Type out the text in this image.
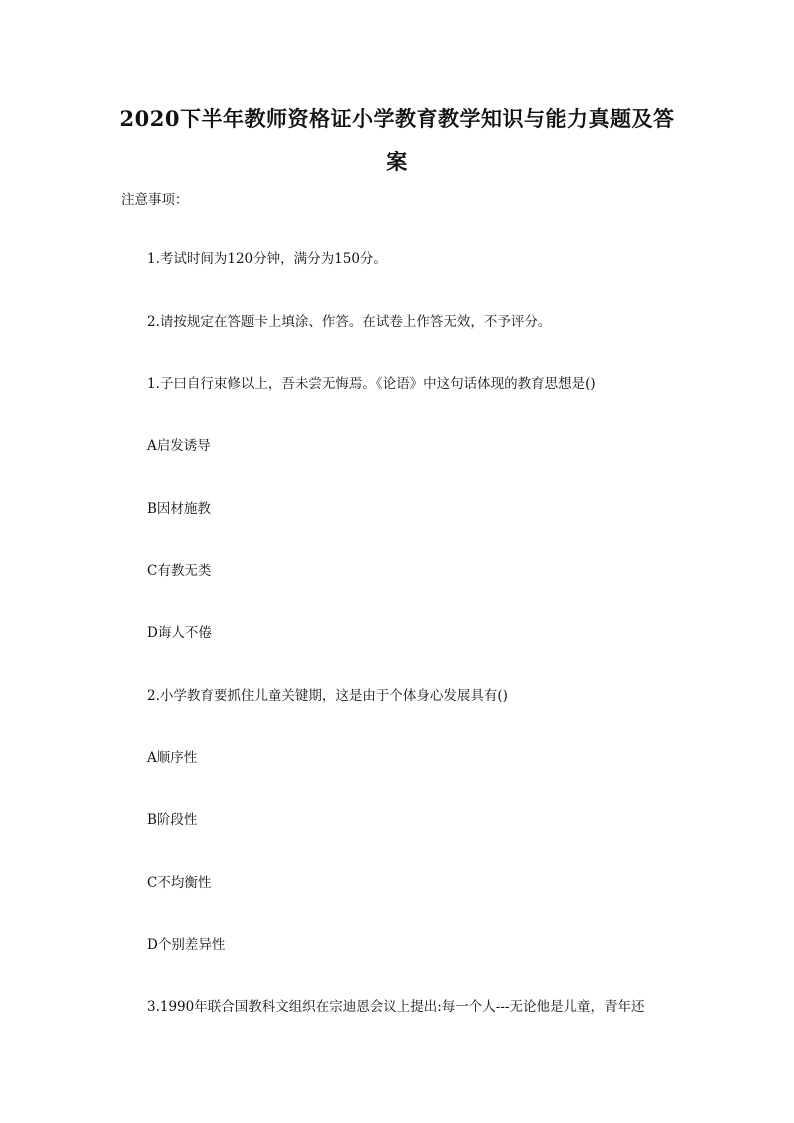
2020下半年教师资格证小学教育教学知识与能力真题及答
案
注意事项：
1.考试时间为120分钟，满分为150分。
2.请按规定在答题卡上填涂、作答。在试卷上作答无效，不予评分。
1.子曰自行束修以上，吾未尝无悔焉。《论语》中这句话体现的教育思想是()
A启发诱导
B因材施教
C有教无类
D诲人不倦
2.小学教育要抓住儿童关键期，这是由于个体身心发展具有()
A顺序性
B阶段性
C不均衡性
D个别差异性
3.1990年联合国教科文组织在宗迪恩会议上提出:每一个人---无论他是儿童，青年还
